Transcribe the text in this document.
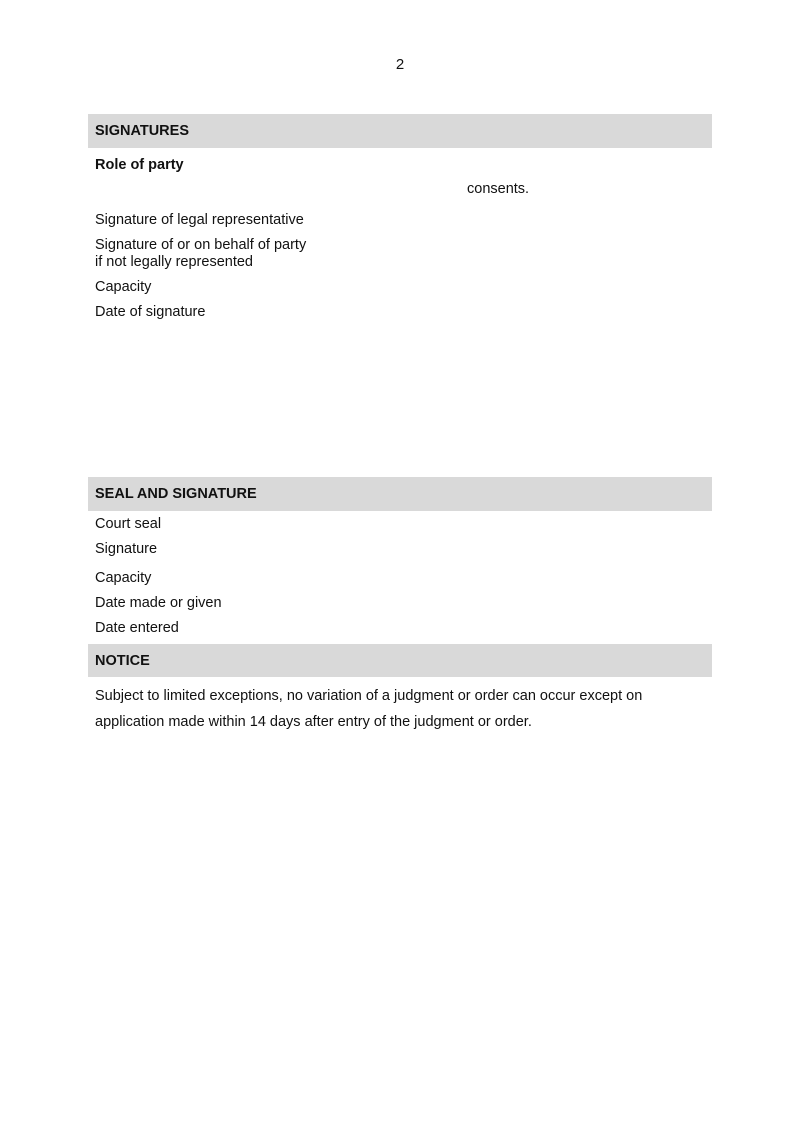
2
SIGNATURES
Role of party
consents.
Signature of legal representative
Signature of or on behalf of party
if not legally represented
Capacity
Date of signature
SEAL AND SIGNATURE
Court seal
Signature
Capacity
Date made or given
Date entered
NOTICE
Subject to limited exceptions, no variation of a judgment or order can occur except on application made within 14 days after entry of the judgment or order.
